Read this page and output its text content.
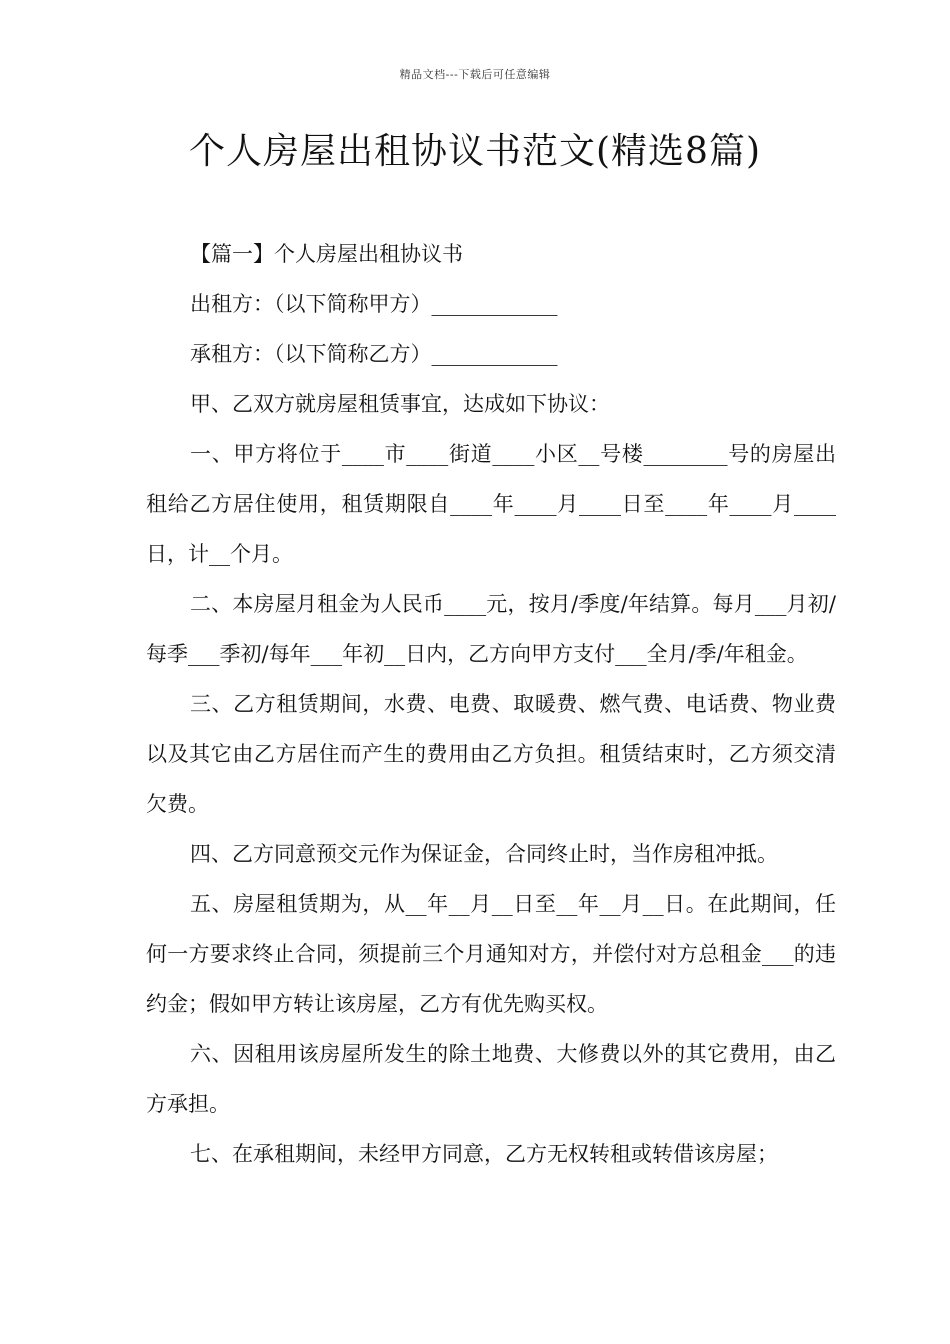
精品文档---下载后可任意编辑
个人房屋出租协议书范文(精选8篇)

【篇一】个人房屋出租协议书

出租方：（以下简称甲方）____________

承租方：（以下简称乙方）____________

甲、乙双方就房屋租赁事宜，达成如下协议：

一、甲方将位于____市____街道____小区__号楼________号的房屋出租给乙方居住使用，租赁期限自____年____月____日至____年____月____日，计__个月。

二、本房屋月租金为人民币____元，按月/季度/年结算。每月___月初/每季___季初/每年___年初__日内，乙方向甲方支付___全月/季/年租金。

三、乙方租赁期间，水费、电费、取暖费、燃气费、电话费、物业费以及其它由乙方居住而产生的费用由乙方负担。租赁结束时，乙方须交清欠费。

四、乙方同意预交元作为保证金，合同终止时，当作房租冲抵。

五、房屋租赁期为，从__年__月__日至__年__月__日。在此期间，任何一方要求终止合同，须提前三个月通知对方，并偿付对方总租金___的违约金；假如甲方转让该房屋，乙方有优先购买权。

六、因租用该房屋所发生的除土地费、大修费以外的其它费用，由乙方承担。

七、在承租期间，未经甲方同意，乙方无权转租或转借该房屋；
